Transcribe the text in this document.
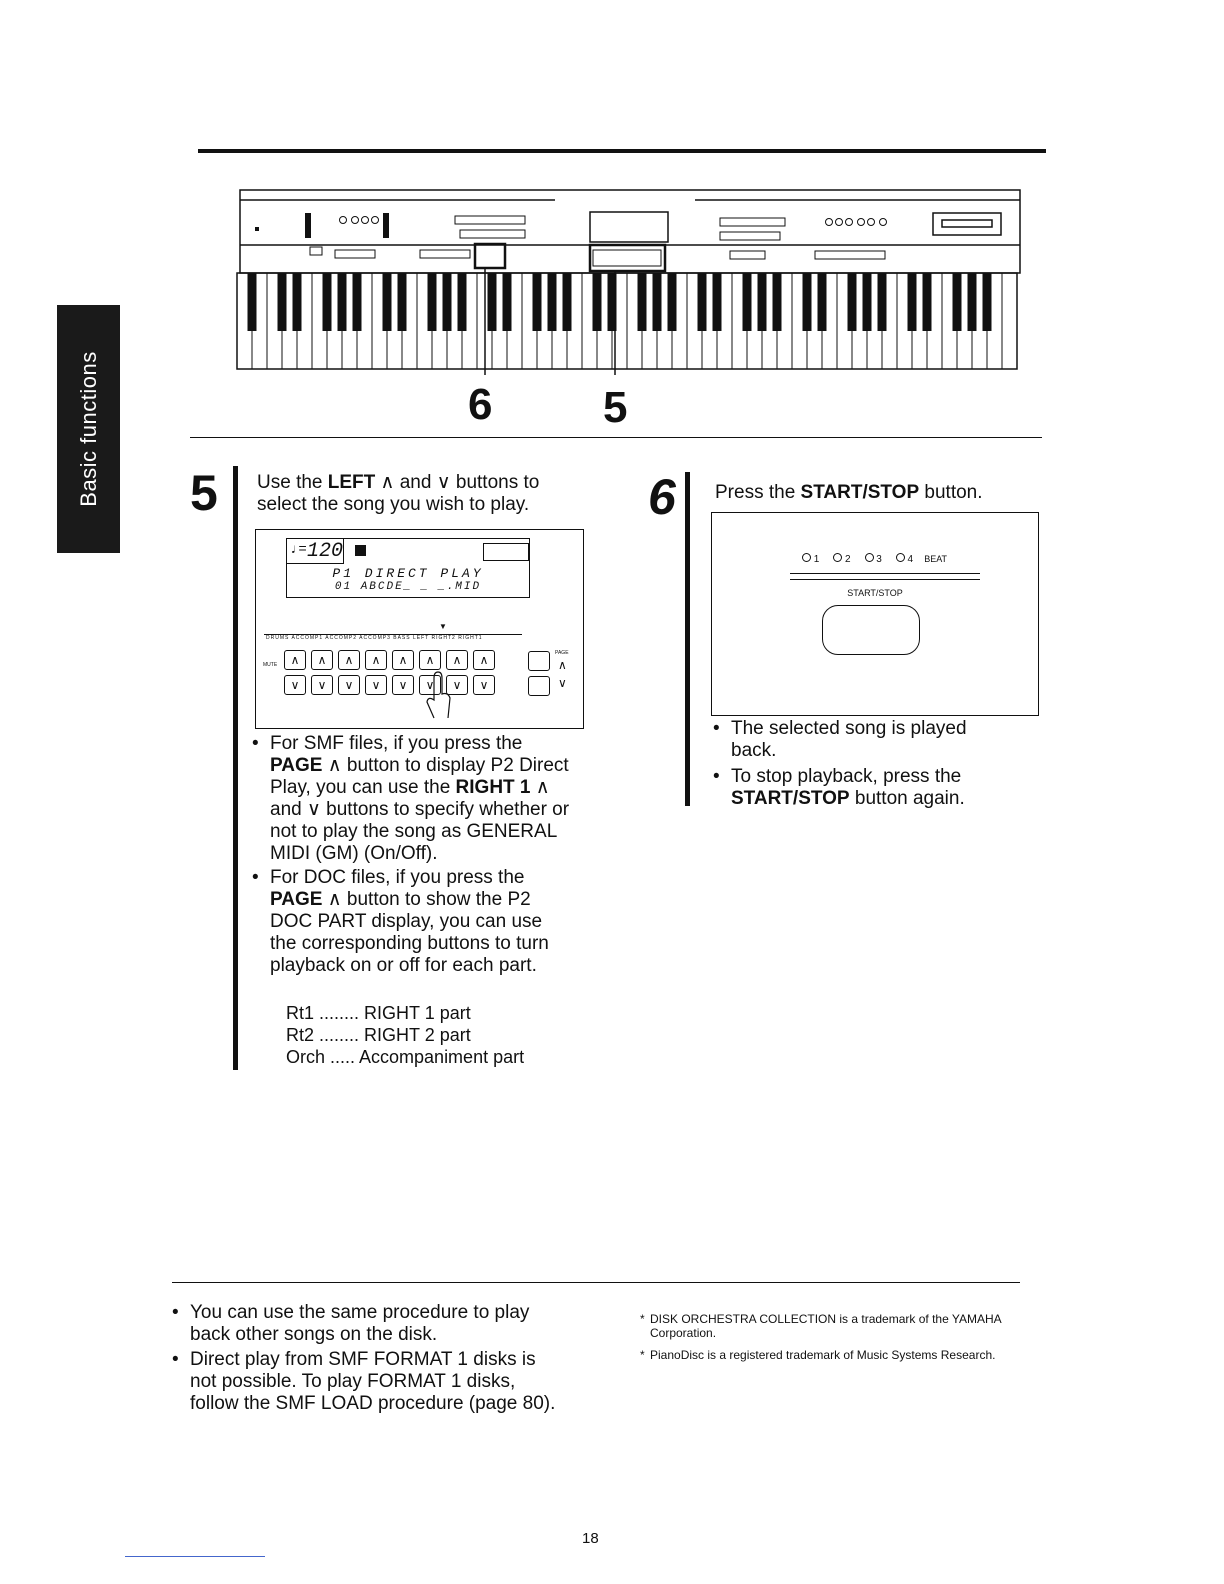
Basic functions	6	5
5 Use the LEFT ∧ and ∨ buttons to select the song you wish to play.
♩= 120
P1 DIRECT PLAY
01 ABCDE_ _ _.MID
▼
DRUMS ACCOMP1 ACCOMP2 ACCOMP3 BASS LEFT RIGHT2 RIGHT1
MUTE
PAGE
∧	∧	∧	∧	∧	∧	∧	∧
∨	∨	∨	∨	∨	∨	∨	∨
∧
∨
• For SMF files, if you press the PAGE ∧ button to display P2 Direct Play, you can use the RIGHT 1 ∧ and ∨ buttons to specify whether or not to play the song as GENERAL MIDI (GM) (On/Off).
• For DOC files, if you press the PAGE ∧ button to show the P2 DOC PART display, you can use the corresponding buttons to turn playback on or off for each part.
Rt1 ........ RIGHT 1 part
Rt2 ........ RIGHT 2 part
Orch ..... Accompaniment part
6 Press the START/STOP button.
1	2	3	4 BEAT
START/STOP
• The selected song is played back.
• To stop playback, press the START/STOP button again.
• You can use the same procedure to play back other songs on the disk.
• Direct play from SMF FORMAT 1 disks is not possible. To play FORMAT 1 disks, follow the SMF LOAD procedure (page 80).
* DISK ORCHESTRA COLLECTION is a trademark of the YAMAHA Corporation.
* PianoDisc is a registered trademark of Music Systems Research.
18
